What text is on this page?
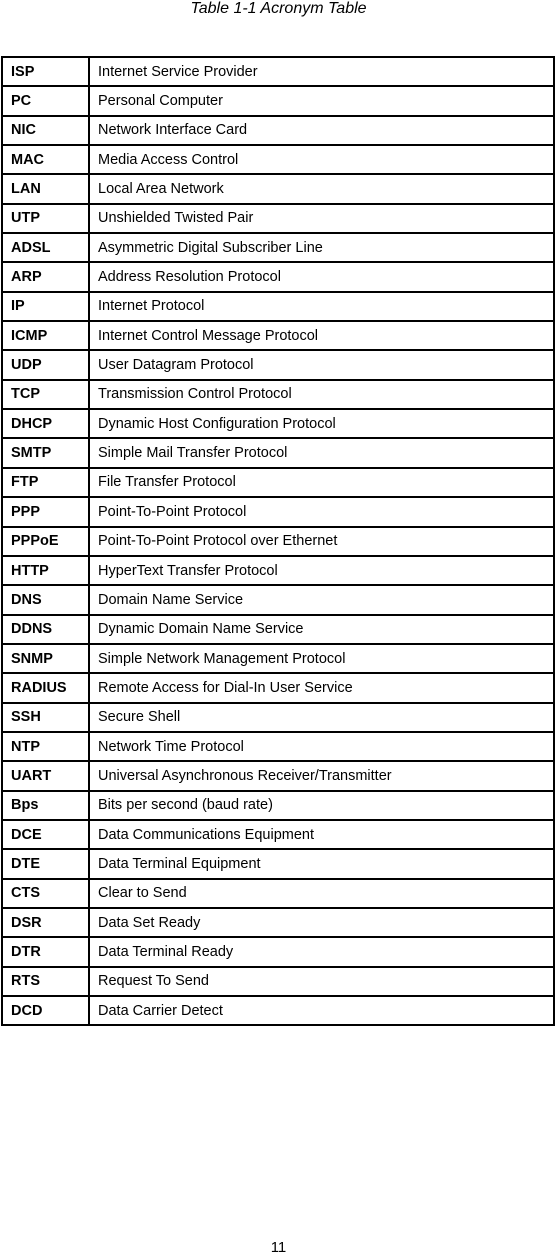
Table 1-1 Acronym Table
ISP	Internet Service Provider
PC	Personal Computer
NIC	Network Interface Card
MAC	Media Access Control
LAN	Local Area Network
UTP	Unshielded Twisted Pair
ADSL	Asymmetric Digital Subscriber Line
ARP	Address Resolution Protocol
IP	Internet Protocol
ICMP	Internet Control Message Protocol
UDP	User Datagram Protocol
TCP	Transmission Control Protocol
DHCP	Dynamic Host Configuration Protocol
SMTP	Simple Mail Transfer Protocol
FTP	File Transfer Protocol
PPP	Point-To-Point Protocol
PPPoE	Point-To-Point Protocol over Ethernet
HTTP	HyperText Transfer Protocol
DNS	Domain Name Service
DDNS	Dynamic Domain Name Service
SNMP	Simple Network Management Protocol
RADIUS	Remote Access for Dial-In User Service
SSH	Secure Shell
NTP	Network Time Protocol
UART	Universal Asynchronous Receiver/Transmitter
Bps	Bits per second (baud rate)
DCE	Data Communications Equipment
DTE	Data Terminal Equipment
CTS	Clear to Send
DSR	Data Set Ready
DTR	Data Terminal Ready
RTS	Request To Send
DCD	Data Carrier Detect
11
